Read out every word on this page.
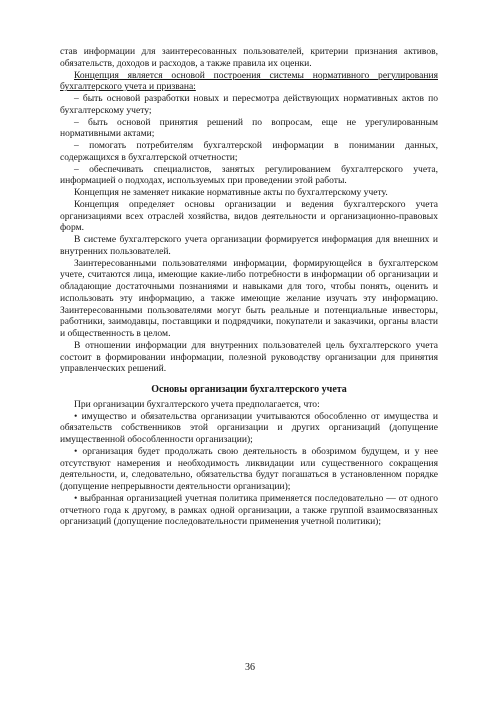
став информации для заинтересованных пользователей, критерии признания активов, обязательств, доходов и расходов, а также правила их оценки.

Концепция является основой построения системы нормативного регулирования бухгалтерского учета и призвана:

– быть основой разработки новых и пересмотра действующих нормативных актов по бухгалтерскому учету;

– быть основой принятия решений по вопросам, еще не урегулированным нормативными актами;

– помогать потребителям бухгалтерской информации в понимании данных, содержащихся в бухгалтерской отчетности;

– обеспечивать специалистов, занятых регулированием бухгалтерского учета, информацией о подходах, используемых при проведении этой работы.

Концепция не заменяет никакие нормативные акты по бухгалтерскому учету.

Концепция определяет основы организации и ведения бухгалтерского учета организациями всех отраслей хозяйства, видов деятельности и организационно-правовых форм.

В системе бухгалтерского учета организации формируется информация для внешних и внутренних пользователей.

Заинтересованными пользователями информации, формирующейся в бухгалтерском учете, считаются лица, имеющие какие-либо потребности в информации об организации и обладающие достаточными познаниями и навыками для того, чтобы понять, оценить и использовать эту информацию, а также имеющие желание изучать эту информацию. Заинтересованными пользователями могут быть реальные и потенциальные инвесторы, работники, заимодавцы, поставщики и подрядчики, покупатели и заказчики, органы власти и общественность в целом.

В отношении информации для внутренних пользователей цель бухгалтерского учета состоит в формировании информации, полезной руководству организации для принятия управленческих решений.

Основы организации бухгалтерского учета

При организации бухгалтерского учета предполагается, что:

• имущество и обязательства организации учитываются обособленно от имущества и обязательств собственников этой организации и других организаций (допущение имущественной обособленности организации);

• организация будет продолжать свою деятельность в обозримом будущем, и у нее отсутствуют намерения и необходимость ликвидации или существенного сокращения деятельности, и, следовательно, обязательства будут погашаться в установленном порядке (допущение непрерывности деятельности организации);

• выбранная организацией учетная политика применяется последовательно — от одного отчетного года к другому, в рамках одной организации, а также группой взаимосвязанных организаций (допущение последовательности применения учетной политики);

36
